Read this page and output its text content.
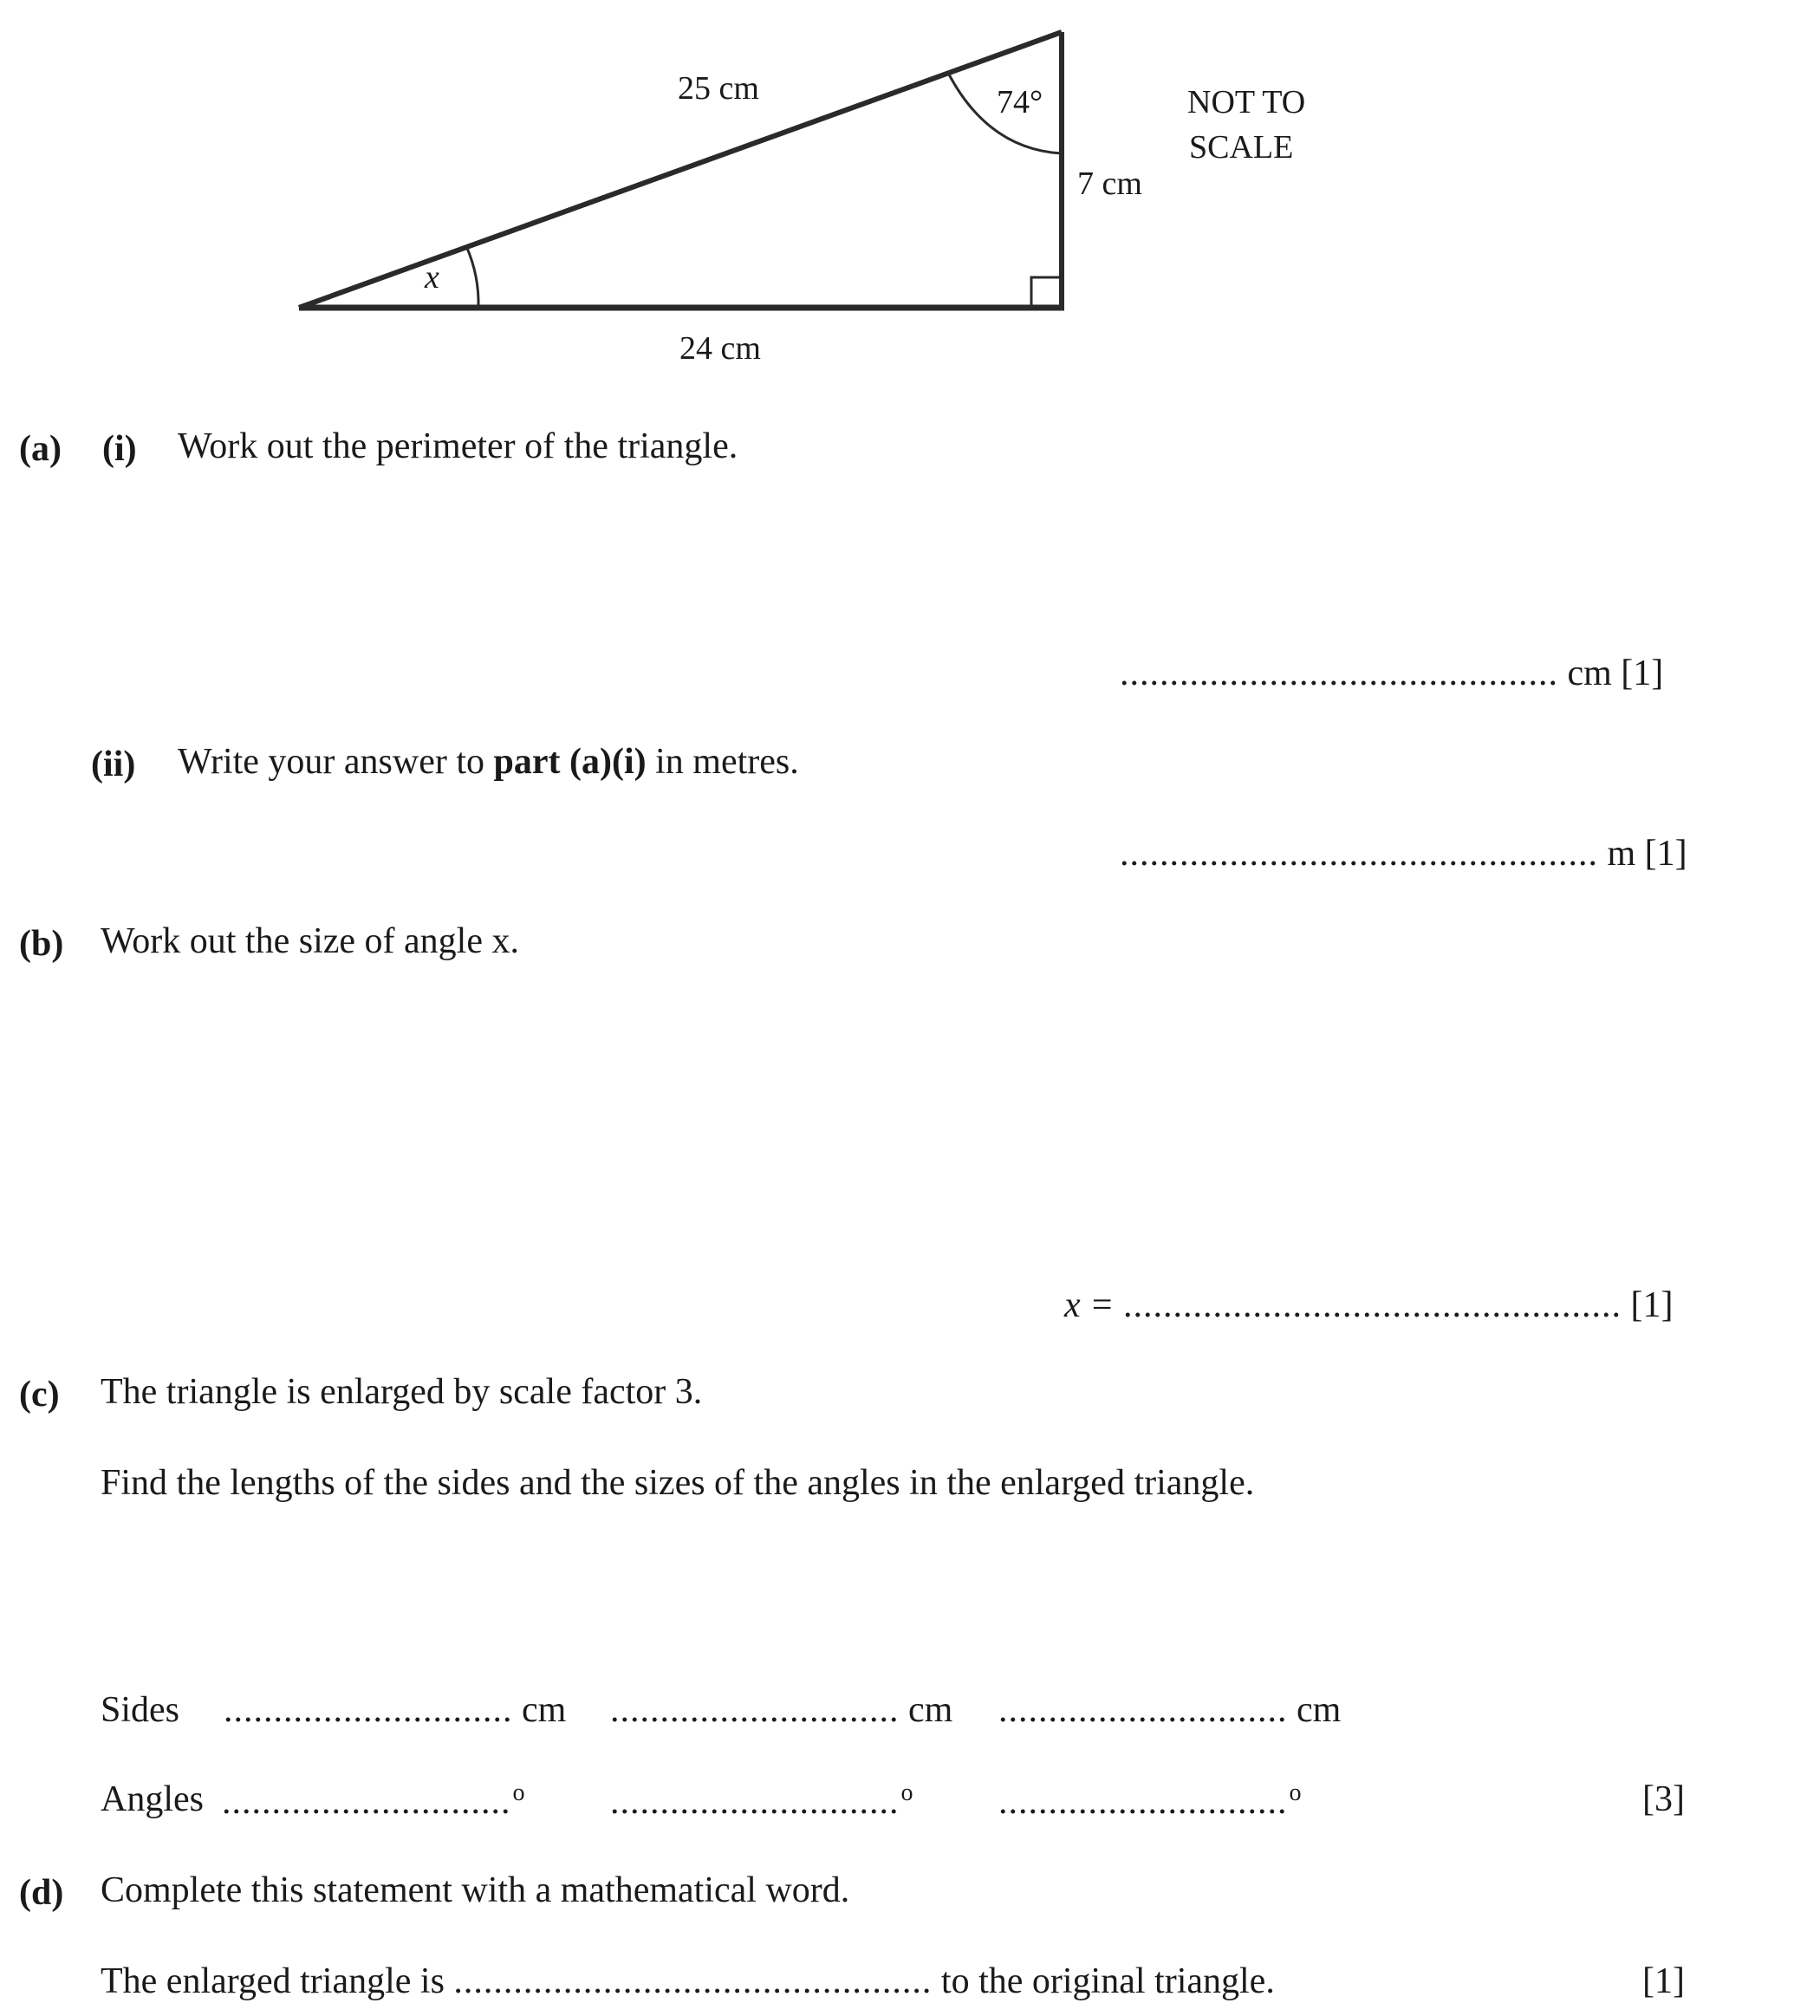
25 cm	74°
7 cm
NOT TO
SCALE
x
24 cm
(a) (i) Work out the perimeter of the triangle.
............................................ cm [1]
(ii) Write your answer to part (a)(i) in metres.
................................................ m [1]
(b) Work out the size of angle x.
x = .................................................. [1]
(c) The triangle is enlarged by scale factor 3.
Find the lengths of the sides and the sizes of the angles in the enlarged triangle.
Sides ............................. cm ............................. cm ............................. cm
Angles .............................$^o$ .............................$^o$ .............................$^o$	[3]
(d) Complete this statement with a mathematical word.
The enlarged triangle is ................................................ to the original triangle.	[1]
